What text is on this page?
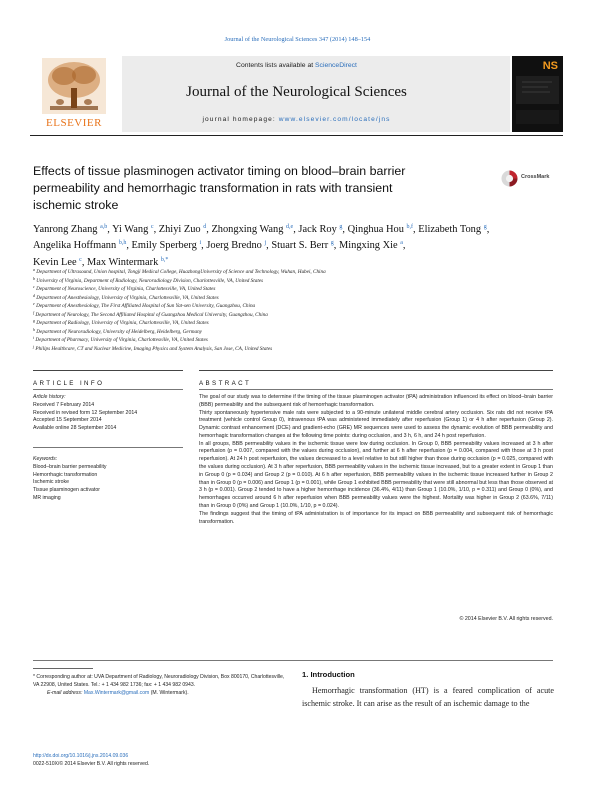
Journal of the Neurological Sciences 347 (2014) 148–154
ELSEVIER
Contents lists available at ScienceDirect
Journal of the Neurological Sciences
journal homepage: www.elsevier.com/locate/jns
NS
Effects of tissue plasminogen activator timing on blood–brain barrier
permeability and hemorrhagic transformation in rats with transient
ischemic stroke
CrossMark
Yanrong Zhang $^{a,b}$, Yi Wang $^c$, Zhiyi Zuo $^d$, Zhongxing Wang $^{d,e}$, Jack Roy $^g$, Qinghua Hou $^{b,f}$, Elizabeth Tong $^g$,
Angelika Hoffmann $^{b,h}$, Emily Sperberg $^i$, Joerg Bredno $^j$, Stuart S. Berr $^g$, Mingxing Xie $^a$,
Kevin Lee $^c$, Max Wintermark $^{b,*}$
$^a$ Department of Ultrasound, Union hospital, Tongji Medical College, HuazhongUniversity of Science and Technology, Wuhan, Hubei, China
$^b$ University of Virginia, Department of Radiology, Neuroradiology Division, Charlottesville, VA, United States
$^c$ Department of Neuroscience, University of Virginia, Charlottesville, VA, United States
$^d$ Department of Anesthesiology, University of Virginia, Charlottesville, VA, United States
$^e$ Department of Anesthesiology, The First Affiliated Hospital of Sun Yat-sen University, Guangzhou, China
$^f$ Department of Neurology, The Second Affiliated Hospital of Guangzhou Medical University, Guangzhou, China
$^g$ Department of Radiology, University of Virginia, Charlottesville, VA, United States
$^h$ Department of Neuroradiology, University of Heidelberg, Heidelberg, Germany
$^i$ Department of Pharmacy, University of Virginia, Charlottesville, VA, United States
$^j$ Philips Healthcare, CT and Nuclear Medicine, Imaging Physics and System Analysis, San Jose, CA, United States
ARTICLE INFO
Article history:
Received 7 February 2014
Received in revised form 12 September 2014
Accepted 15 September 2014
Available online 28 September 2014
Keywords:
Blood–brain barrier permeability
Hemorrhagic transformation
Ischemic stroke
Tissue plasminogen activator
MR imaging
ABSTRACT

The goal of our study was to determine if the timing of the tissue plasminogen activator (tPA) administration influenced its effect on blood–brain barrier (BBB) permeability and the subsequent risk of hemorrhagic transformation.

Thirty spontaneously hypertensive male rats were subjected to a 90-minute unilateral middle cerebral artery occlusion. Six rats did not receive tPA treatment (vehicle control Group 0), intravenous tPA was administered immediately after reperfusion (Group 1) or 4 h after reperfusion (Group 2). Dynamic contrast enhancement (DCE) and gradient-echo (GRE) MR sequences were used to assess the dynamic evolution of BBB permeability and hemorrhagic transformation changes at the following time points: during occlusion, and 3 h, 6 h, and 24 h post reperfusion.

In all groups, BBB permeability values in the ischemic tissue were low during occlusion. In Group 0, BBB permeability values increased at 3 h after reperfusion (p = 0.007, compared with the values during occlusion), and further at 6 h after reperfusion (p = 0.004, compared with those at 3 h post reperfusion). At 24 h post reperfusion, the values decreased to a level relative to but still higher than those during occlusion (p = 0.025, compared with the values during occlusion). At 3 h after reperfusion, BBB permeability values in the ischemic tissue increased, but to a greater extent in Group 1 than in Group 0 (p = 0.034) and Group 2 (p = 0.010). At 6 h after reperfusion, BBB permeability values in the ischemic tissue increased further in Group 2 than in Group 0 (p = 0.006) and Group 1 (p = 0.001), while Group 1 exhibited BBB permeability that were still abnormal but less than those observed at 3 h (p = 0.001). Group 2 tended to have a higher hemorrhage incidence (36.4%, 4/11) than Group 1 (10.0%, 1/10, p = 0.311) and Group 0 (0%), and hemorrhages occurred around 6 h after reperfusion when BBB permeability values were the highest. Mortality was higher in Group 2 (63.6%, 7/11) than in Group 0 (0%) and Group 1 (10.0%, 1/10, p = 0.024).

The findings suggest that the timing of tPA administration is of importance for its impact on BBB permeability and subsequent risk of hemorrhagic transformation.

© 2014 Elsevier B.V. All rights reserved.
* Corresponding author at: UVA Department of Radiology, Neuroradiology Division, Box 800170, Charlottesville, VA 22908, United States. Tel.: + 1 434 982 1736; fax: + 1 434 982 0943.
E-mail address: Max.Wintermark@gmail.com (M. Wintermark).
http://dx.doi.org/10.1016/j.jns.2014.09.036
0022-510X/© 2014 Elsevier B.V. All rights reserved.
1. Introduction
Hemorrhagic transformation (HT) is a feared complication of acute ischemic stroke. It can arise as the result of an ischemic damage to the
